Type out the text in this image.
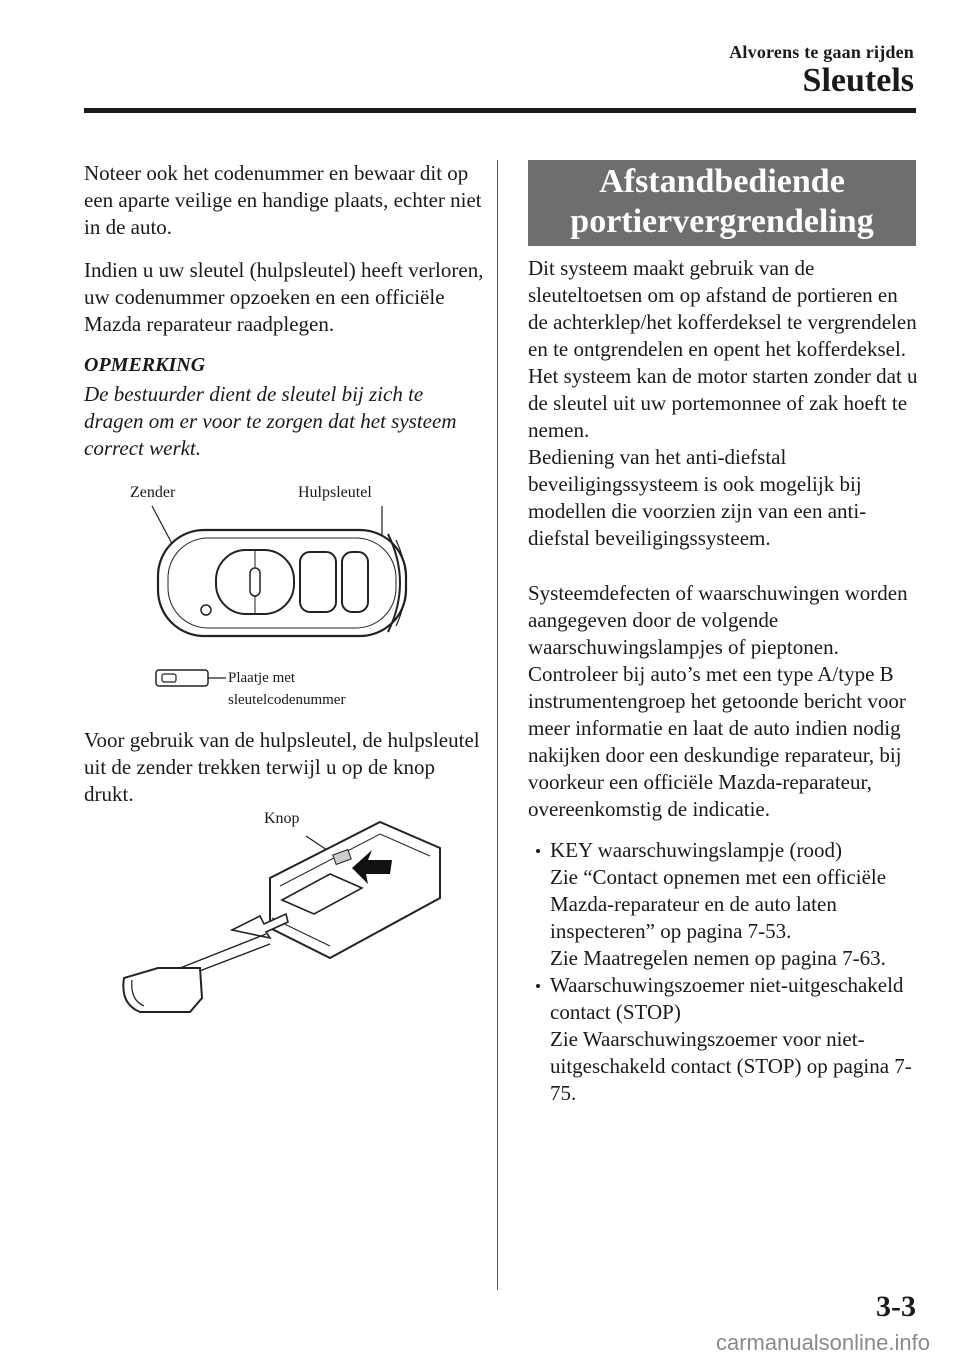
Alvorens te gaan rijden
Sleutels

Noteer ook het codenummer en bewaar dit op een aparte veilige en handige plaats, echter niet in de auto.

Indien u uw sleutel (hulpsleutel) heeft verloren, uw codenummer opzoeken en een officiële Mazda reparateur raadplegen.

OPMERKING

De bestuurder dient de sleutel bij zich te dragen om er voor te zorgen dat het systeem correct werkt.

Zender	Hulpsleutel
Plaatje met
sleutelcodenummer

Voor gebruik van de hulpsleutel, de hulpsleutel uit de zender trekken terwijl u op de knop drukt.

Knop
Afstandbediende
portiervergrendeling

Dit systeem maakt gebruik van de sleuteltoetsen om op afstand de portieren en de achterklep/het kofferdeksel te vergrendelen en te ontgrendelen en opent het kofferdeksel.

Het systeem kan de motor starten zonder dat u de sleutel uit uw portemonnee of zak hoeft te nemen.

Bediening van het anti-diefstal beveiligingssysteem is ook mogelijk bij modellen die voorzien zijn van een anti-diefstal beveiligingssysteem.

Systeemdefecten of waarschuwingen worden aangegeven door de volgende waarschuwingslampjes of pieptonen. Controleer bij auto’s met een type A/type B instrumentengroep het getoonde bericht voor meer informatie en laat de auto indien nodig nakijken door een deskundige reparateur, bij voorkeur een officiële Mazda-reparateur, overeenkomstig de indicatie.

KEY waarschuwingslampje (rood)
Zie “Contact opnemen met een officiële Mazda-reparateur en de auto laten inspecteren” op pagina 7-53.
Zie Maatregelen nemen op pagina 7-63.
Waarschuwingszoemer niet-uitgeschakeld contact (STOP)
Zie Waarschuwingszoemer voor niet-uitgeschakeld contact (STOP) op pagina 7-75.
3-3
carmanualsonline.info
